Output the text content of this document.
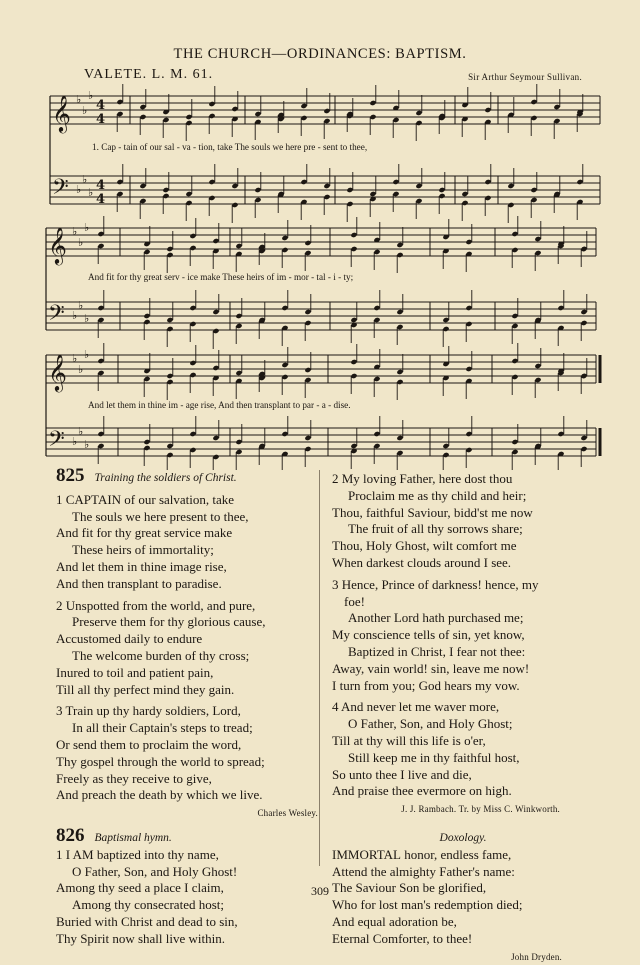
THE CHURCH—ORDINANCES: BAPTISM.
VALETE. L. M. 61.	Sir Arthur Seymour Sullivan.
𝄞 ♭
♭
♭
4
4
𝄢 ♭
♭
♭ 4
4
𝄞 ♭
♭
♭
𝄢 ♭
♭
♭
𝄞 ♭
♭
♭
𝄢 ♭
♭
♭
1. Cap - tain of our sal - va - tion, take The souls we here pre - sent to thee,
And fit for thy great serv - ice make These heirs of im - mor - tal - i - ty;
And let them in thine im - age rise, And then transplant to par - a - dise.
825 Training the soldiers of Christ.
1 CAPTAIN of our salvation, take
The souls we here present to thee,
And fit for thy great service make
These heirs of immortality;
And let them in thine image rise,
And then transplant to paradise.
2 Unspotted from the world, and pure,
Preserve them for thy glorious cause,
Accustomed daily to endure
The welcome burden of thy cross;
Inured to toil and patient pain,
Till all thy perfect mind they gain.
3 Train up thy hardy soldiers, Lord,
In all their Captain's steps to tread;
Or send them to proclaim the word,
Thy gospel through the world to spread;
Freely as they receive to give,
And preach the death by which we live.
Charles Wesley.
826 Baptismal hymn.
1 I AM baptized into thy name,
O Father, Son, and Holy Ghost!
Among thy seed a place I claim,
Among thy consecrated host;
Buried with Christ and dead to sin,
Thy Spirit now shall live within.
2 My loving Father, here dost thou
Proclaim me as thy child and heir;
Thou, faithful Saviour, bidd'st me now
The fruit of all thy sorrows share;
Thou, Holy Ghost, wilt comfort me
When darkest clouds around I see.
3 Hence, Prince of darkness! hence, my
foe!
Another Lord hath purchased me;
My conscience tells of sin, yet know,
Baptized in Christ, I fear not thee:
Away, vain world! sin, leave me now!
I turn from you; God hears my vow.
4 And never let me waver more,
O Father, Son, and Holy Ghost;
Till at thy will this life is o'er,
Still keep me in thy faithful host,
So unto thee I live and die,
And praise thee evermore on high.
J. J. Rambach. Tr. by Miss C. Winkworth.
Doxology.
IMMORTAL honor, endless fame,
Attend the almighty Father's name:
The Saviour Son be glorified,
Who for lost man's redemption died;
And equal adoration be,
Eternal Comforter, to thee!
John Dryden.
309
